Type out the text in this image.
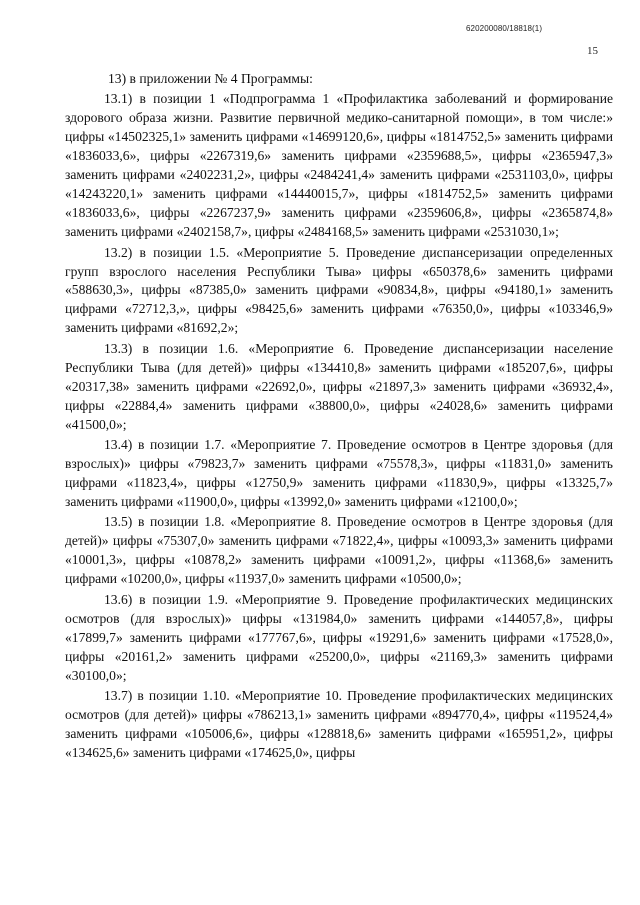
620200080/18818(1)
15

13) в приложении № 4 Программы:

13.1) в позиции 1 «Подпрограмма 1 «Профилактика заболеваний и формирование здорового образа жизни. Развитие первичной медико-санитарной помощи», в том числе:» цифры «14502325,1» заменить цифрами «14699120,6», цифры «1814752,5» заменить цифрами «1836033,6», цифры «2267319,6» заменить цифрами «2359688,5», цифры «2365947,3» заменить цифрами «2402231,2», цифры «2484241,4» заменить цифрами «2531103,0», цифры «14243220,1» заменить цифрами «14440015,7», цифры «1814752,5» заменить цифрами «1836033,6», цифры «2267237,9» заменить цифрами «2359606,8», цифры «2365874,8» заменить цифрами «2402158,7», цифры «2484168,5» заменить цифрами «2531030,1»;

13.2) в позиции 1.5. «Мероприятие 5. Проведение диспансеризации определенных групп взрослого населения Республики Тыва» цифры «650378,6» заменить цифрами «588630,3», цифры «87385,0» заменить цифрами «90834,8», цифры «94180,1» заменить цифрами «72712,3,», цифры «98425,6» заменить цифрами «76350,0», цифры «103346,9» заменить цифрами «81692,2»;

13.3) в позиции 1.6. «Мероприятие 6. Проведение диспансеризации население Республики Тыва (для детей)» цифры «134410,8» заменить цифрами «185207,6», цифры «20317,38» заменить цифрами «22692,0», цифры «21897,3» заменить цифрами «36932,4», цифры «22884,4» заменить цифрами «38800,0», цифры «24028,6» заменить цифрами «41500,0»;

13.4) в позиции 1.7. «Мероприятие 7. Проведение осмотров в Центре здоровья (для взрослых)» цифры «79823,7» заменить цифрами «75578,3», цифры «11831,0» заменить цифрами «11823,4», цифры «12750,9» заменить цифрами «11830,9», цифры «13325,7» заменить цифрами «11900,0», цифры «13992,0» заменить цифрами «12100,0»;

13.5) в позиции 1.8. «Мероприятие 8. Проведение осмотров в Центре здоровья (для детей)» цифры «75307,0» заменить цифрами «71822,4», цифры «10093,3» заменить цифрами «10001,3», цифры «10878,2» заменить цифрами «10091,2», цифры «11368,6» заменить цифрами «10200,0», цифры «11937,0» заменить цифрами «10500,0»;

13.6) в позиции 1.9. «Мероприятие 9. Проведение профилактических медицинских осмотров (для взрослых)» цифры «131984,0» заменить цифрами «144057,8», цифры «17899,7» заменить цифрами «177767,6», цифры «19291,6» заменить цифрами «17528,0», цифры «20161,2» заменить цифрами «25200,0», цифры «21169,3» заменить цифрами «30100,0»;

13.7) в позиции 1.10. «Мероприятие 10. Проведение профилактических медицинских осмотров (для детей)» цифры «786213,1» заменить цифрами «894770,4», цифры «119524,4» заменить цифрами «105006,6», цифры «128818,6» заменить цифрами «165951,2», цифры «134625,6» заменить цифрами «174625,0», цифры
